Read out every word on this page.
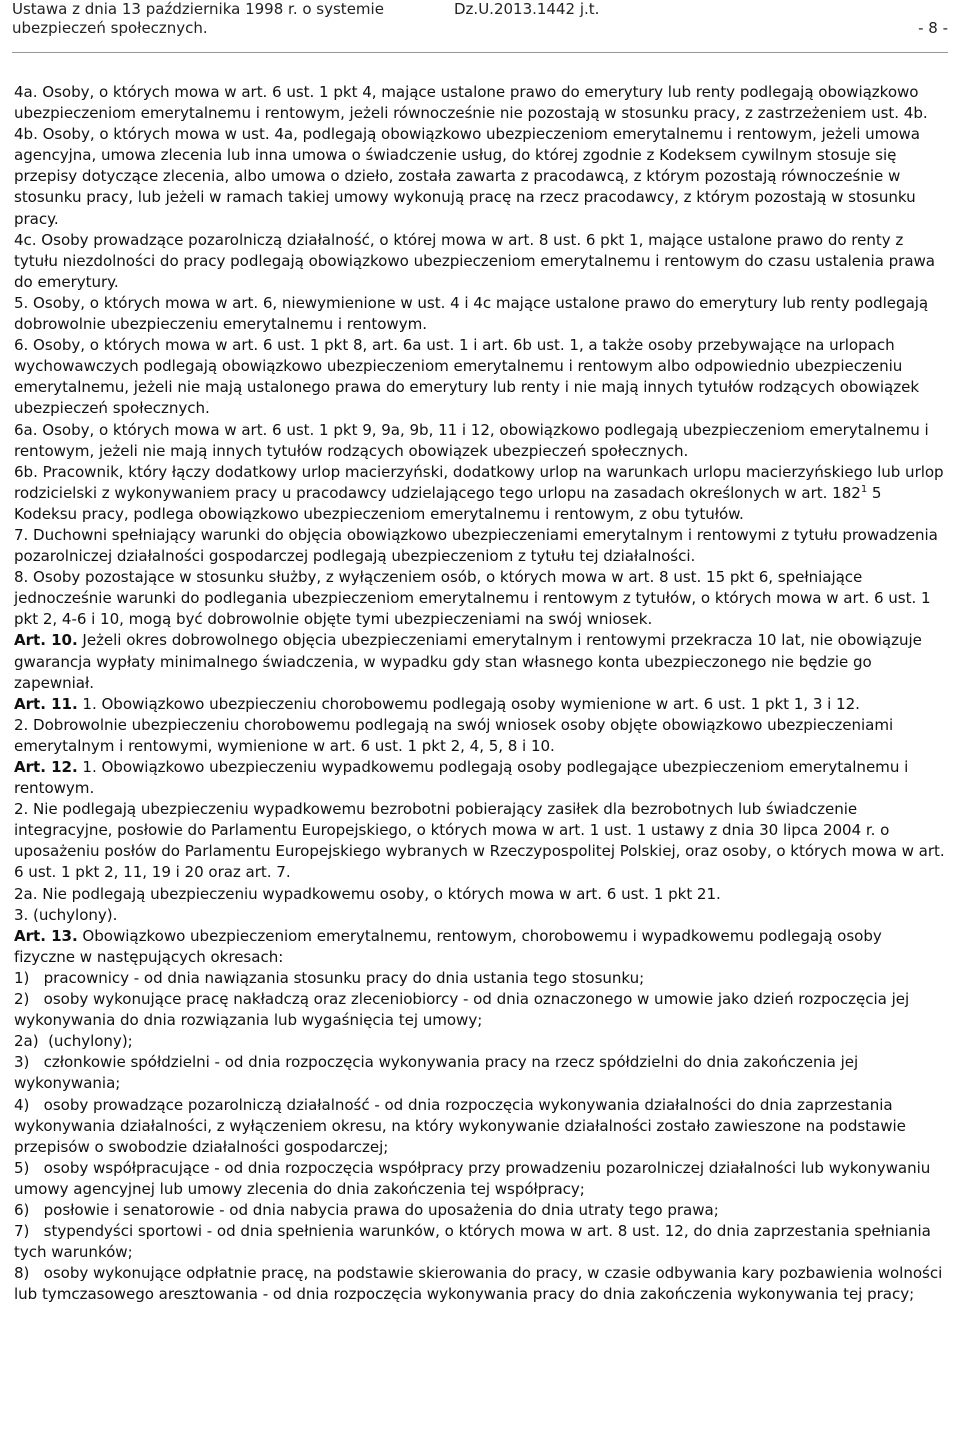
Ustawa z dnia 13 października 1998 r. o systemie	Dz.U.2013.1442 j.t.
ubezpieczeń społecznych.	- 8 -

4a. Osoby, o których mowa w art. 6 ust. 1 pkt 4, mające ustalone prawo do emerytury lub renty podlegają obowiązkowo ubezpieczeniom emerytalnemu i rentowym, jeżeli równocześnie nie pozostają w stosunku pracy, z zastrzeżeniem ust. 4b.

4b. Osoby, o których mowa w ust. 4a, podlegają obowiązkowo ubezpieczeniom emerytalnemu i rentowym, jeżeli umowa agencyjna, umowa zlecenia lub inna umowa o świadczenie usług, do której zgodnie z Kodeksem cywilnym stosuje się przepisy dotyczące zlecenia, albo umowa o dzieło, została zawarta z pracodawcą, z którym pozostają równocześnie w stosunku pracy, lub jeżeli w ramach takiej umowy wykonują pracę na rzecz pracodawcy, z którym pozostają w stosunku pracy.

4c. Osoby prowadzące pozarolniczą działalność, o której mowa w art. 8 ust. 6 pkt 1, mające ustalone prawo do renty z tytułu niezdolności do pracy podlegają obowiązkowo ubezpieczeniom emerytalnemu i rentowym do czasu ustalenia prawa do emerytury.

5. Osoby, o których mowa w art. 6, niewymienione w ust. 4 i 4c mające ustalone prawo do emerytury lub renty podlegają dobrowolnie ubezpieczeniu emerytalnemu i rentowym.

6. Osoby, o których mowa w art. 6 ust. 1 pkt 8, art. 6a ust. 1 i art. 6b ust. 1, a także osoby przebywające na urlopach wychowawczych podlegają obowiązkowo ubezpieczeniom emerytalnemu i rentowym albo odpowiednio ubezpieczeniu emerytalnemu, jeżeli nie mają ustalonego prawa do emerytury lub renty i nie mają innych tytułów rodzących obowiązek ubezpieczeń społecznych.

6a. Osoby, o których mowa w art. 6 ust. 1 pkt 9, 9a, 9b, 11 i 12, obowiązkowo podlegają ubezpieczeniom emerytalnemu i rentowym, jeżeli nie mają innych tytułów rodzących obowiązek ubezpieczeń społecznych.

6b. Pracownik, który łączy dodatkowy urlop macierzyński, dodatkowy urlop na warunkach urlopu macierzyńskiego lub urlop rodzicielski z wykonywaniem pracy u pracodawcy udzielającego tego urlopu na zasadach określonych w art. $182^1$ 5 Kodeksu pracy, podlega obowiązkowo ubezpieczeniom emerytalnemu i rentowym, z obu tytułów.

7. Duchowni spełniający warunki do objęcia obowiązkowo ubezpieczeniami emerytalnym i rentowymi z tytułu prowadzenia pozarolniczej działalności gospodarczej podlegają ubezpieczeniom z tytułu tej działalności.

8. Osoby pozostające w stosunku służby, z wyłączeniem osób, o których mowa w art. 8 ust. 15 pkt 6, spełniające jednocześnie warunki do podlegania ubezpieczeniom emerytalnemu i rentowym z tytułów, o których mowa w art. 6 ust. 1 pkt 2, 4-6 i 10, mogą być dobrowolnie objęte tymi ubezpieczeniami na swój wniosek.

Art. 10. Jeżeli okres dobrowolnego objęcia ubezpieczeniami emerytalnym i rentowymi przekracza 10 lat, nie obowiązuje gwarancja wypłaty minimalnego świadczenia, w wypadku gdy stan własnego konta ubezpieczonego nie będzie go zapewniał.

Art. 11. 1. Obowiązkowo ubezpieczeniu chorobowemu podlegają osoby wymienione w art. 6 ust. 1 pkt 1, 3 i 12.

2. Dobrowolnie ubezpieczeniu chorobowemu podlegają na swój wniosek osoby objęte obowiązkowo ubezpieczeniami emerytalnym i rentowymi, wymienione w art. 6 ust. 1 pkt 2, 4, 5, 8 i 10.

Art. 12. 1. Obowiązkowo ubezpieczeniu wypadkowemu podlegają osoby podlegające ubezpieczeniom emerytalnemu i rentowym.

2. Nie podlegają ubezpieczeniu wypadkowemu bezrobotni pobierający zasiłek dla bezrobotnych lub świadczenie integracyjne, posłowie do Parlamentu Europejskiego, o których mowa w art. 1 ust. 1 ustawy z dnia 30 lipca 2004 r. o uposażeniu posłów do Parlamentu Europejskiego wybranych w Rzeczypospolitej Polskiej, oraz osoby, o których mowa w art. 6 ust. 1 pkt 2, 11, 19 i 20 oraz art. 7.

2a. Nie podlegają ubezpieczeniu wypadkowemu osoby, o których mowa w art. 6 ust. 1 pkt 21.

3. (uchylony).

Art. 13. Obowiązkowo ubezpieczeniom emerytalnemu, rentowym, chorobowemu i wypadkowemu podlegają osoby fizyczne w następujących okresach:

1)   pracownicy - od dnia nawiązania stosunku pracy do dnia ustania tego stosunku;

2)   osoby wykonujące pracę nakładczą oraz zleceniobiorcy - od dnia oznaczonego w umowie jako dzień rozpoczęcia jej wykonywania do dnia rozwiązania lub wygaśnięcia tej umowy;

2a)  (uchylony);

3)   członkowie spółdzielni - od dnia rozpoczęcia wykonywania pracy na rzecz spółdzielni do dnia zakończenia jej wykonywania;

4)   osoby prowadzące pozarolniczą działalność - od dnia rozpoczęcia wykonywania działalności do dnia zaprzestania wykonywania działalności, z wyłączeniem okresu, na który wykonywanie działalności zostało zawieszone na podstawie przepisów o swobodzie działalności gospodarczej;

5)   osoby współpracujące - od dnia rozpoczęcia współpracy przy prowadzeniu pozarolniczej działalności lub wykonywaniu umowy agencyjnej lub umowy zlecenia do dnia zakończenia tej współpracy;

6)   posłowie i senatorowie - od dnia nabycia prawa do uposażenia do dnia utraty tego prawa;

7)   stypendyści sportowi - od dnia spełnienia warunków, o których mowa w art. 8 ust. 12, do dnia zaprzestania spełniania tych warunków;

8)   osoby wykonujące odpłatnie pracę, na podstawie skierowania do pracy, w czasie odbywania kary pozbawienia wolności lub tymczasowego aresztowania - od dnia rozpoczęcia wykonywania pracy do dnia zakończenia wykonywania tej pracy;
